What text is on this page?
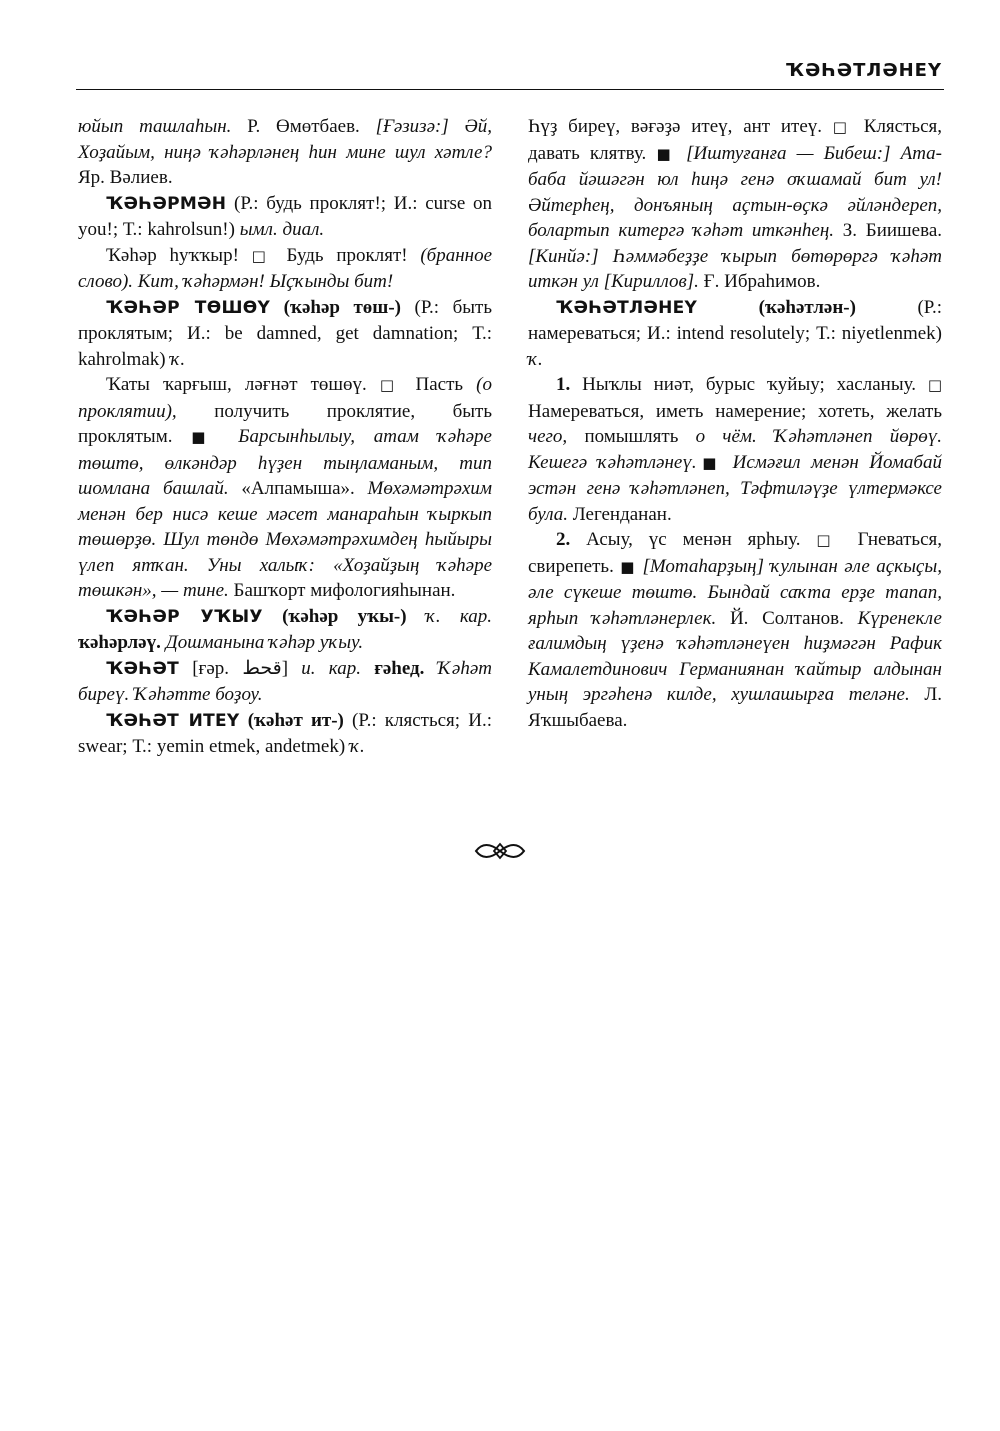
ҠӘҺӘТЛӘНЕҮ

юйып ташлаһын. Р. Өмөтбаев. [Ғәзизә:] Әй, Хоҙайым, ниңә ҡәһәрләнең һин мине шул хәтле? Яр. Вәлиев.

ҠӘҺӘРМӘН (Р.: будь проклят!; И.: curse on you!; Т.: kahrolsun!) ымл. диал.

Ҡәһәр һуҡҡыр! □ Будь проклят! (бранное слово). Кит, ҡәһәрмән! Ыҫҡынды бит!

ҠӘҺӘР ТӨШӨҮ (ҡәһәр төш-) (Р.: быть проклятым; И.: be damned, get damnation; Т.: kahrolmak) ҡ.

Ҡаты ҡарғыш, ләғнәт төшөү. □ Пасть (о проклятии), получить проклятие, быть проклятым. ■ Барсынһылыу, атам ҡәһәре төштө, өлкәндәр һүҙен тыңламаным, тип шомлана башлай. «Алпамыша». Мөхәмәтрәхим менән бер нисә кеше мәсет манараһын ҡыркып төшөрҙө. Шул төндө Мөхәмәтрәхимдең һыйыры үлеп ятҡан. Уны халыҡ: «Хоҙайҙың ҡәһәре төшкән», — тине. Башҡорт мифологияһынан.

ҠӘҺӘР УҠЫУ (ҡәһәр уҡы-) ҡ. кар. ҡәһәрләү. Дошманына ҡәһәр уҡыу.

ҠӘҺӘТ [ғәр. قحط] и. кар. ғәһед. Ҡәһәт биреү. Ҡәһәтте боҙоу.

ҠӘҺӘТ ИТЕҮ (ҡәһәт ит-) (Р.: клясться; И.: swear; Т.: yemin etmek, andetmek) ҡ.

Һүҙ биреү, вәғәҙә итеү, ант итеү. □ Клясться, давать клятву. ■ [Иштуғанға — Бибеш:] Ата-баба йәшәгән юл һиңә генә оҡшамай бит ул! Әйтерһең, донъяның аҫтын-өҫкә әйләндереп, болартып китергә ҡәһәт иткәнһең. З. Биишева. [Кинйә:] Һәммәбеҙҙе ҡырып бөтөрөргә ҡәһәт иткән ул [Кириллов]. Ғ. Ибраһимов.

ҠӘҺӘТЛӘНЕҮ (ҡәһәтлән-) (Р.: намереваться; И.: intend resolutely; Т.: niyetlenmek) ҡ.

1. Ныҡлы ниәт, бурыс ҡуйыу; хасланыу. □ Намереваться, иметь намерение; хотеть, желать чего, помышлять о чём. Ҡәһәтләнеп йөрөү. Кешегә ҡәһәтләнеү.■ Исмәғил менән Йомабай эстән генә ҡәһәтләнеп, Тәфтиләүҙе үлтермәксе була. Легенданан.

2. Асыу, үс менән ярһыу. □ Гневаться, свирепеть. ■ [Мотаһарҙың] ҡулынан әле аҫкыҫы, әле сүкеше төштө. Бындай саҡта ерҙе тапап, ярһып ҡәһәтләнерлек. Й. Солтанов. Күренекле ғалимдың үҙенә ҡәһәтләнеүен һиҙмәгән Рафик Камалетдинович Германиянан ҡайтыр алдынан уның эргәһенә килде, хушлашырға теләне. Л. Яҡшыбаева.
